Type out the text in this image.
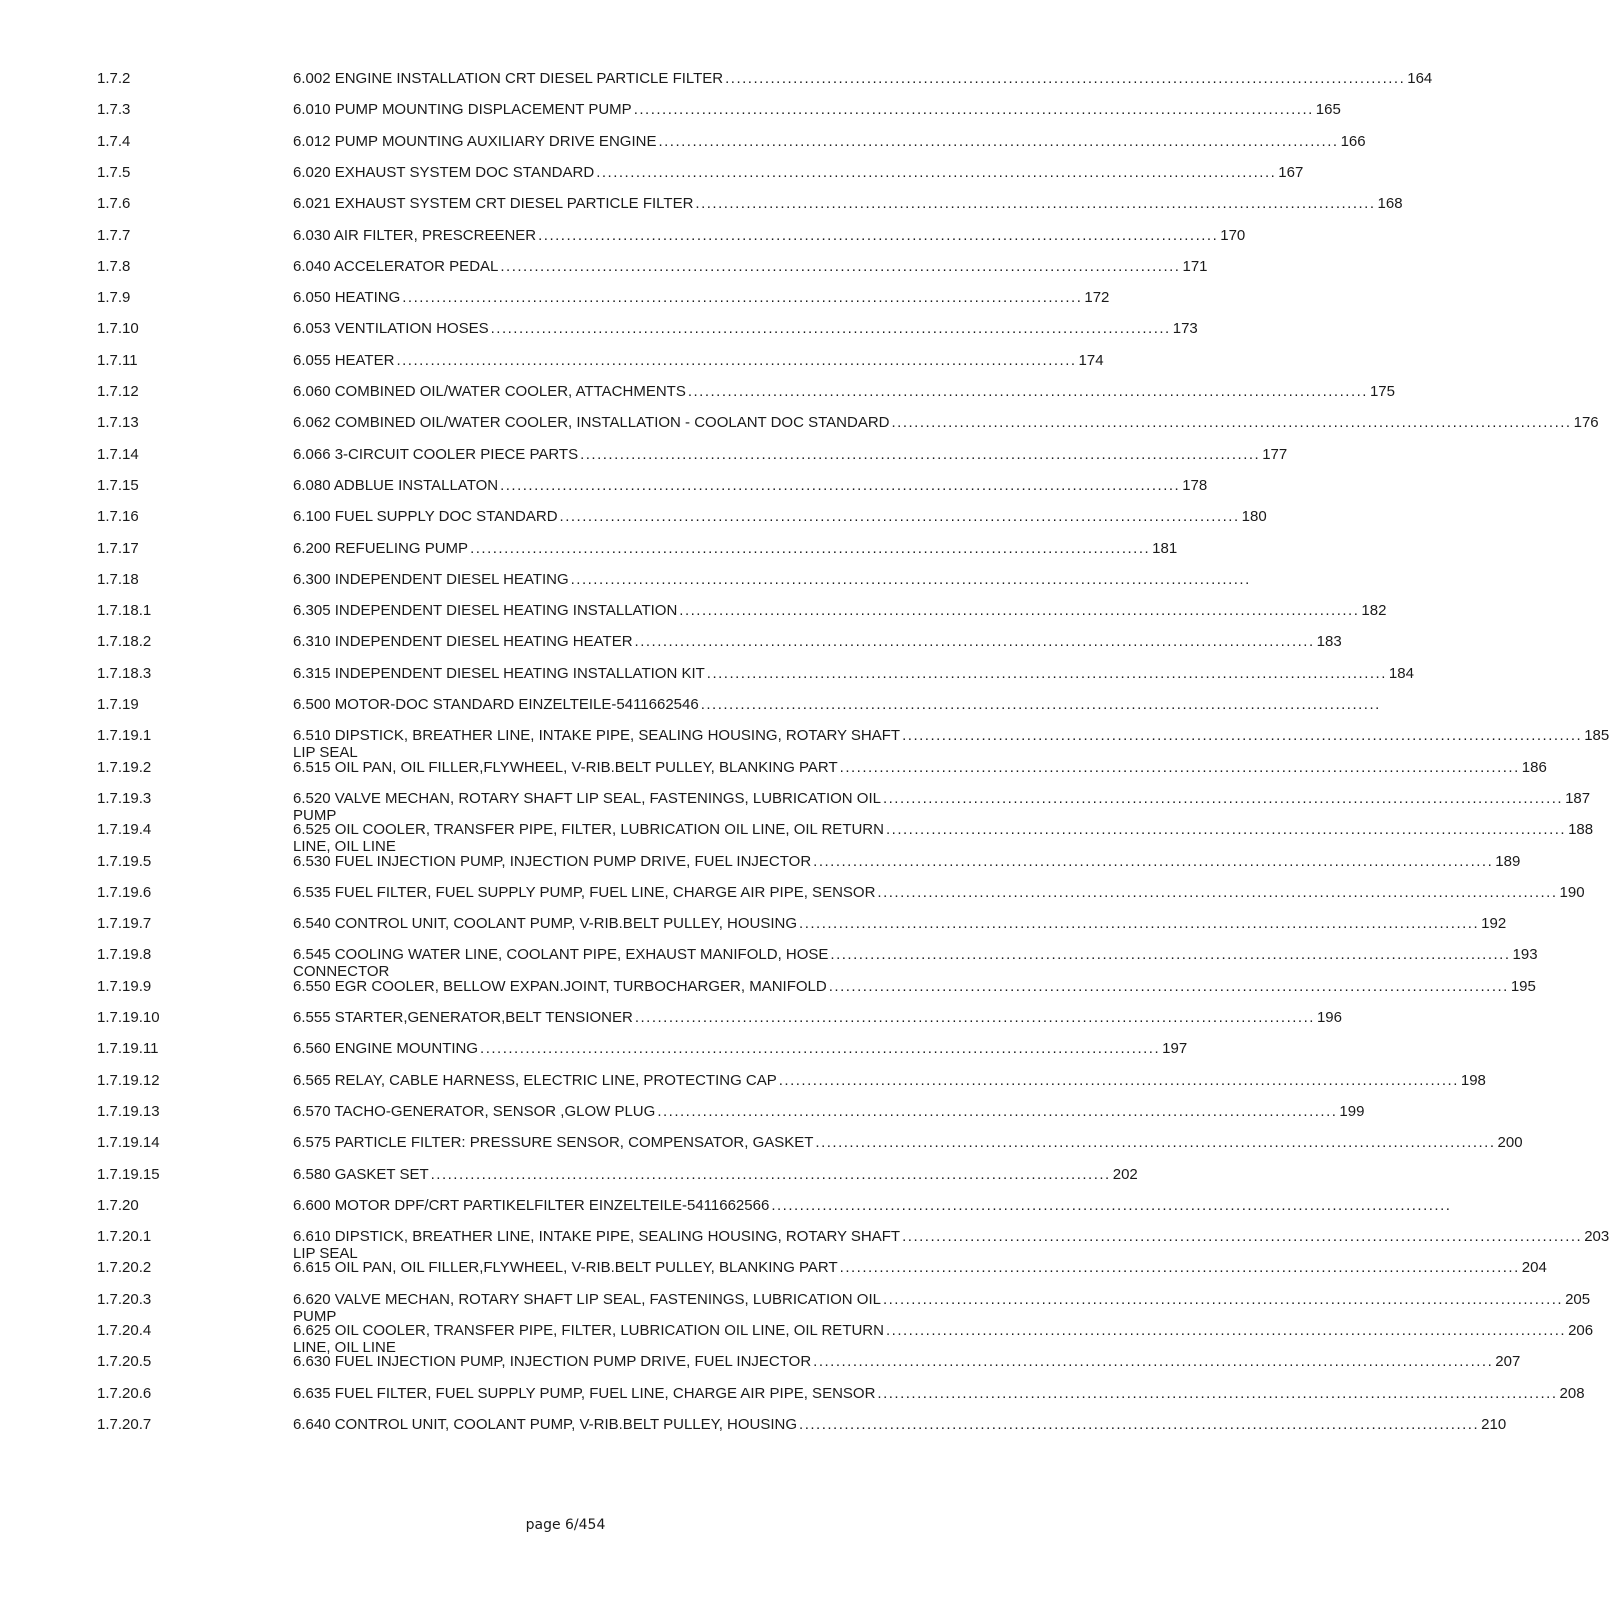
1.7.2	6.002 ENGINE INSTALLATION CRT DIESEL PARTICLE FILTER ........................................................................................................................ 164
1.7.3	6.010 PUMP MOUNTING DISPLACEMENT PUMP ........................................................................................................................ 165
1.7.4	6.012 PUMP MOUNTING AUXILIARY DRIVE ENGINE ........................................................................................................................ 166
1.7.5	6.020 EXHAUST SYSTEM DOC STANDARD ........................................................................................................................ 167
1.7.6	6.021 EXHAUST SYSTEM CRT DIESEL PARTICLE FILTER ........................................................................................................................ 168
1.7.7	6.030 AIR FILTER, PRESCREENER ........................................................................................................................ 170
1.7.8	6.040 ACCELERATOR PEDAL ........................................................................................................................ 171
1.7.9	6.050 HEATING ........................................................................................................................ 172
1.7.10	6.053 VENTILATION HOSES ........................................................................................................................ 173
1.7.11	6.055 HEATER ........................................................................................................................ 174
1.7.12	6.060 COMBINED OIL/WATER COOLER, ATTACHMENTS ........................................................................................................................ 175
1.7.13	6.062 COMBINED OIL/WATER COOLER, INSTALLATION - COOLANT DOC STANDARD ........................................................................................................................ 176
1.7.14	6.066 3-CIRCUIT COOLER PIECE PARTS ........................................................................................................................ 177
1.7.15	6.080 ADBLUE INSTALLATON ........................................................................................................................ 178
1.7.16	6.100 FUEL SUPPLY DOC STANDARD ........................................................................................................................ 180
1.7.17	6.200 REFUELING PUMP ........................................................................................................................ 181
1.7.18	6.300 INDEPENDENT DIESEL HEATING ........................................................................................................................
1.7.18.1	6.305 INDEPENDENT DIESEL HEATING INSTALLATION ........................................................................................................................ 182
1.7.18.2	6.310 INDEPENDENT DIESEL HEATING HEATER ........................................................................................................................ 183
1.7.18.3	6.315 INDEPENDENT DIESEL HEATING INSTALLATION KIT ........................................................................................................................ 184
1.7.19	6.500 MOTOR-DOC STANDARD EINZELTEILE-5411662546 ........................................................................................................................
1.7.19.1	6.510 DIPSTICK, BREATHER LINE, INTAKE PIPE, SEALING HOUSING, ROTARY SHAFT ........................................................................................................................ 185
LIP SEAL
1.7.19.2	6.515 OIL PAN, OIL FILLER,FLYWHEEL, V-RIB.BELT PULLEY, BLANKING PART ........................................................................................................................ 186
1.7.19.3	6.520 VALVE MECHAN, ROTARY SHAFT LIP SEAL, FASTENINGS, LUBRICATION OIL ........................................................................................................................ 187
PUMP
1.7.19.4	6.525 OIL COOLER, TRANSFER PIPE, FILTER, LUBRICATION OIL LINE, OIL RETURN ........................................................................................................................ 188
LINE, OIL LINE
1.7.19.5	6.530 FUEL INJECTION PUMP, INJECTION PUMP DRIVE, FUEL INJECTOR ........................................................................................................................ 189
1.7.19.6	6.535 FUEL FILTER, FUEL SUPPLY PUMP, FUEL LINE, CHARGE AIR PIPE, SENSOR ........................................................................................................................ 190
1.7.19.7	6.540 CONTROL UNIT, COOLANT PUMP, V-RIB.BELT PULLEY, HOUSING ........................................................................................................................ 192
1.7.19.8	6.545 COOLING WATER LINE, COOLANT PIPE, EXHAUST MANIFOLD, HOSE ........................................................................................................................ 193
CONNECTOR
1.7.19.9	6.550 EGR COOLER, BELLOW EXPAN.JOINT, TURBOCHARGER, MANIFOLD ........................................................................................................................ 195
1.7.19.10	6.555 STARTER,GENERATOR,BELT TENSIONER ........................................................................................................................ 196
1.7.19.11	6.560 ENGINE MOUNTING ........................................................................................................................ 197
1.7.19.12	6.565 RELAY, CABLE HARNESS, ELECTRIC LINE, PROTECTING CAP ........................................................................................................................ 198
1.7.19.13	6.570 TACHO-GENERATOR, SENSOR ,GLOW PLUG ........................................................................................................................ 199
1.7.19.14	6.575 PARTICLE FILTER: PRESSURE SENSOR, COMPENSATOR, GASKET ........................................................................................................................ 200
1.7.19.15	6.580 GASKET SET ........................................................................................................................ 202
1.7.20	6.600 MOTOR DPF/CRT PARTIKELFILTER EINZELTEILE-5411662566 ........................................................................................................................
1.7.20.1	6.610 DIPSTICK, BREATHER LINE, INTAKE PIPE, SEALING HOUSING, ROTARY SHAFT ........................................................................................................................ 203
LIP SEAL
1.7.20.2	6.615 OIL PAN, OIL FILLER,FLYWHEEL, V-RIB.BELT PULLEY, BLANKING PART ........................................................................................................................ 204
1.7.20.3	6.620 VALVE MECHAN, ROTARY SHAFT LIP SEAL, FASTENINGS, LUBRICATION OIL ........................................................................................................................ 205
PUMP
1.7.20.4	6.625 OIL COOLER, TRANSFER PIPE, FILTER, LUBRICATION OIL LINE, OIL RETURN ........................................................................................................................ 206
LINE, OIL LINE
1.7.20.5	6.630 FUEL INJECTION PUMP, INJECTION PUMP DRIVE, FUEL INJECTOR ........................................................................................................................ 207
1.7.20.6	6.635 FUEL FILTER, FUEL SUPPLY PUMP, FUEL LINE, CHARGE AIR PIPE, SENSOR ........................................................................................................................ 208
1.7.20.7	6.640 CONTROL UNIT, COOLANT PUMP, V-RIB.BELT PULLEY, HOUSING ........................................................................................................................ 210
page 6/454
